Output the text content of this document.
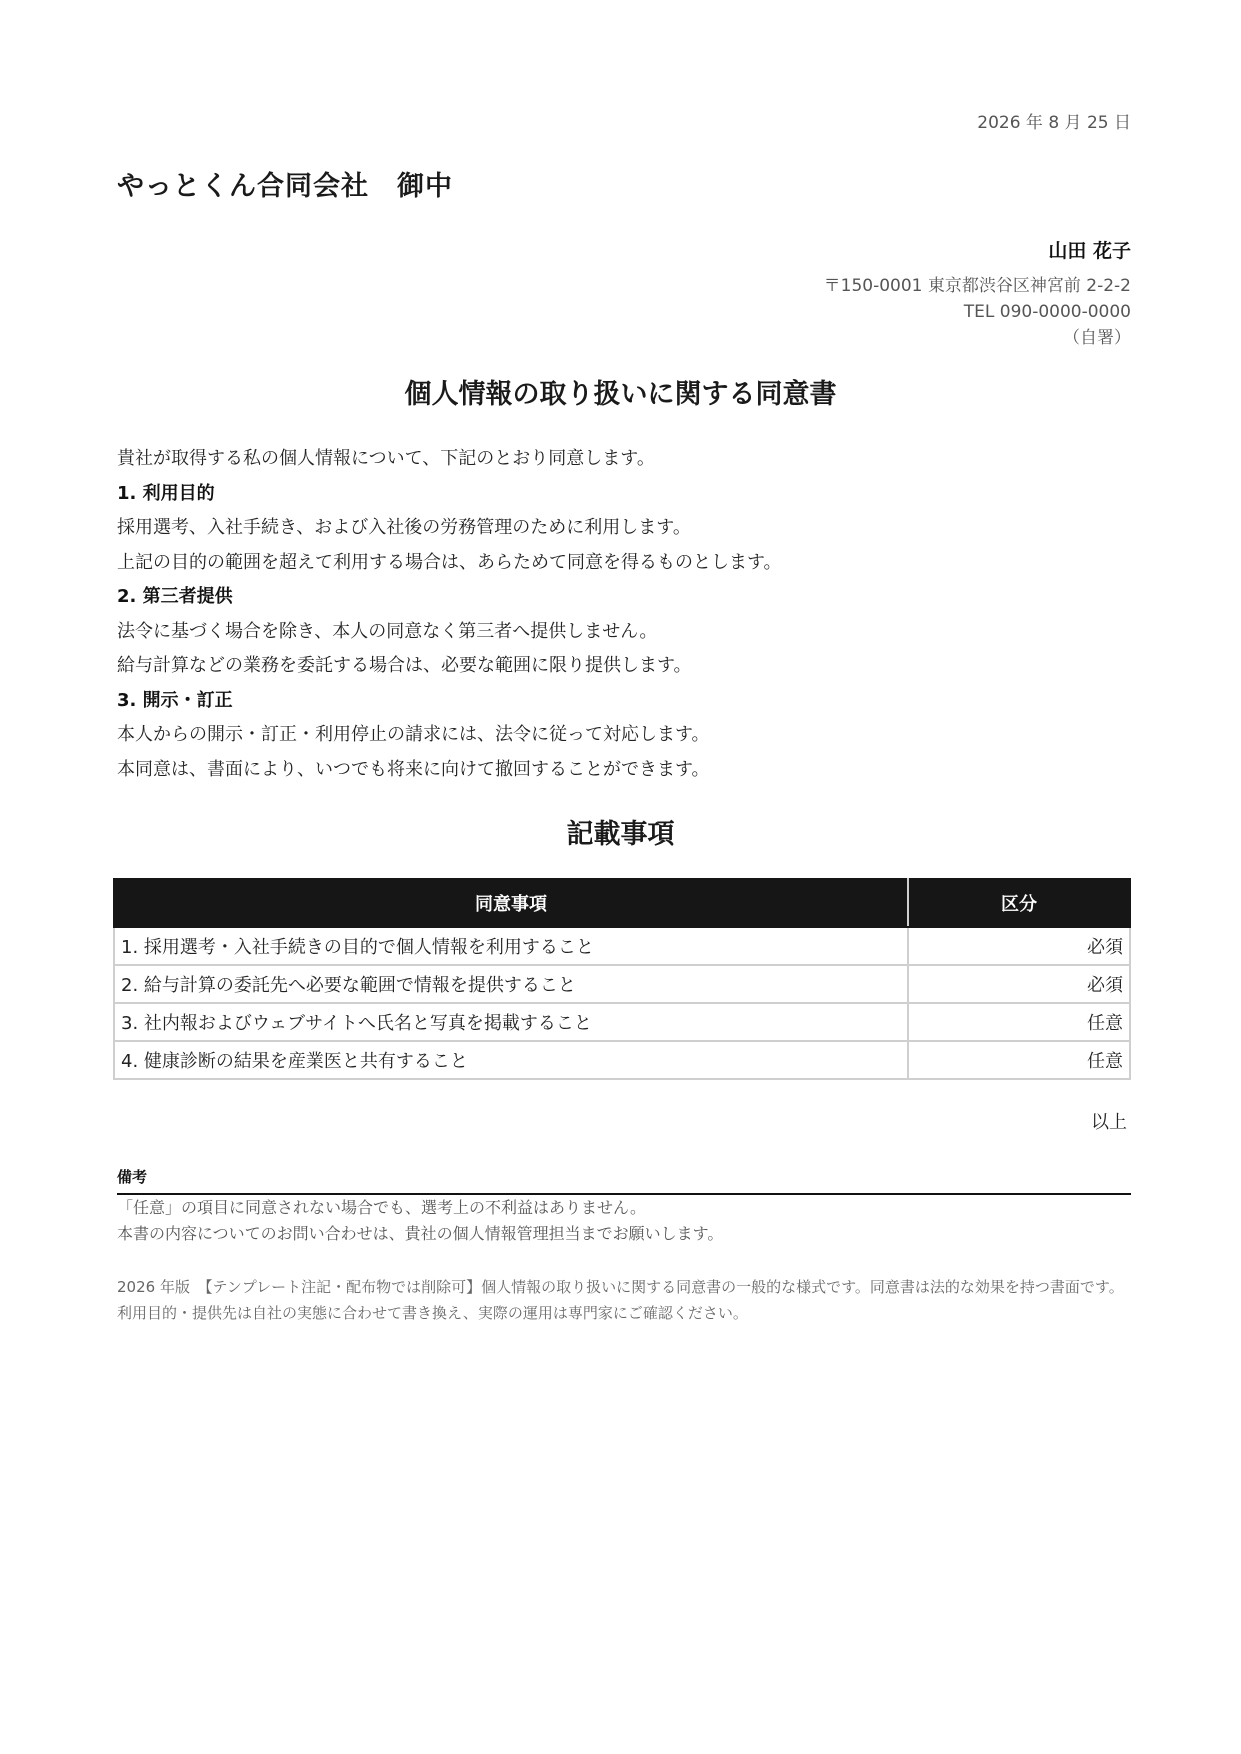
2026 年 8 月 25 日
やっとくん合同会社　御中
山田 花子
〒150-0001 東京都渋谷区神宮前 2-2-2
TEL 090-0000-0000
（自署）
個人情報の取り扱いに関する同意書
貴社が取得する私の個人情報について、下記のとおり同意します。
1. 利用目的
採用選考、入社手続き、および入社後の労務管理のために利用します。
上記の目的の範囲を超えて利用する場合は、あらためて同意を得るものとします。
2. 第三者提供
法令に基づく場合を除き、本人の同意なく第三者へ提供しません。
給与計算などの業務を委託する場合は、必要な範囲に限り提供します。
3. 開示・訂正
本人からの開示・訂正・利用停止の請求には、法令に従って対応します。
本同意は、書面により、いつでも将来に向けて撤回することができます。
記載事項
同意事項	区分
1. 採用選考・入社手続きの目的で個人情報を利用すること	必須
2. 給与計算の委託先へ必要な範囲で情報を提供すること	必須
3. 社内報およびウェブサイトへ氏名と写真を掲載すること	任意
4. 健康診断の結果を産業医と共有すること	任意
以上
備考
「任意」の項目に同意されない場合でも、選考上の不利益はありません。
本書の内容についてのお問い合わせは、貴社の個人情報管理担当までお願いします。
2026 年版　【テンプレート注記・配布物では削除可】個人情報の取り扱いに関する同意書の一般的な様式です。同意書は法的な効果を持つ書面です。利用目的・提供先は自社の実態に合わせて書き換え、実際の運用は専門家にご確認ください。
